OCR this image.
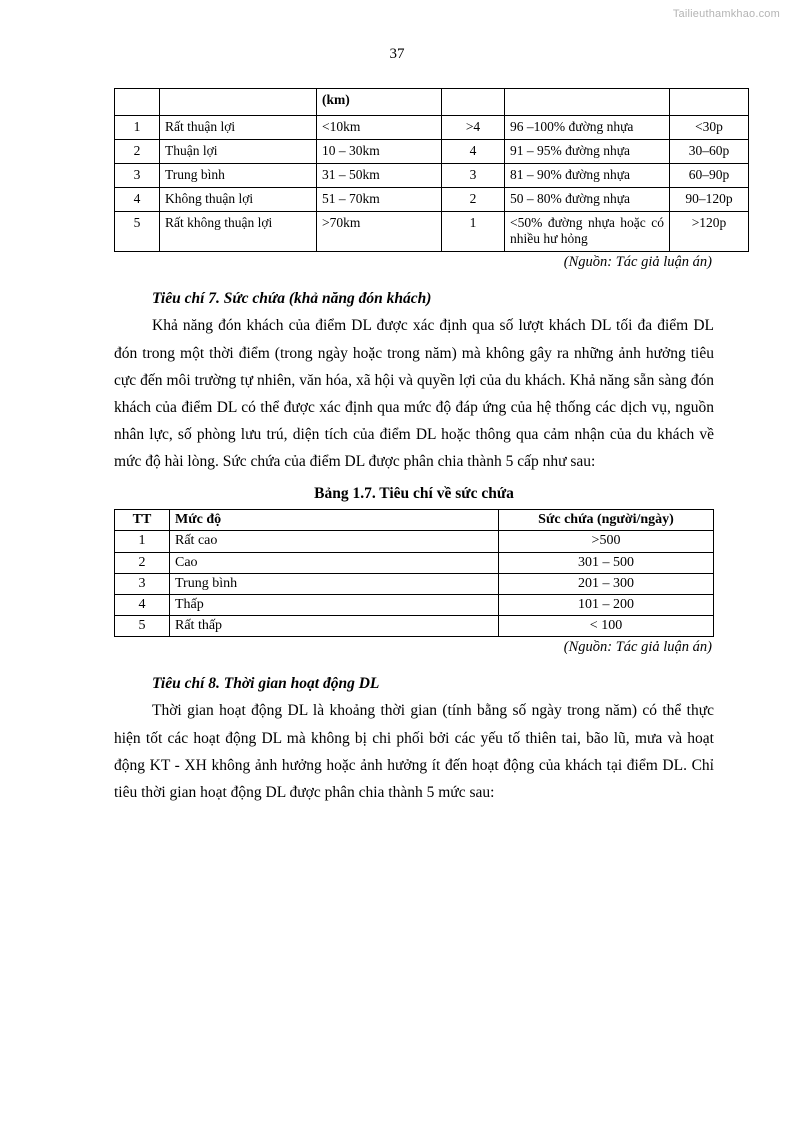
Tailieuthamkhao.com
37
		(km)			
1	Rất thuận lợi	<10km	>4	96 –100% đường nhựa	<30p
2	Thuận lợi	10 – 30km	4	91 – 95% đường nhựa	30–60p
3	Trung bình	31 – 50km	3	81 – 90% đường nhựa	60–90p
4	Không thuận lợi	51 – 70km	2	50 – 80% đường nhựa	90–120p
5	Rất không thuận lợi	>70km	1	<50% đường nhựa hoặc có nhiều hư hỏng	>120p
(Nguồn: Tác giả luận án)

Tiêu chí 7. Sức chứa (khả năng đón khách)

Khả năng đón khách của điểm DL được xác định qua số lượt khách DL tối đa điểm DL đón trong một thời điểm (trong ngày hoặc trong năm) mà không gây ra những ảnh hưởng tiêu cực đến môi trường tự nhiên, văn hóa, xã hội và quyền lợi của du khách. Khả năng sẵn sàng đón khách của điểm DL có thể được xác định qua mức độ đáp ứng của hệ thống các dịch vụ, nguồn nhân lực, số phòng lưu trú, diện tích của điểm DL hoặc thông qua cảm nhận của du khách về mức độ hài lòng. Sức chứa của điểm DL được phân chia thành 5 cấp như sau:

Bảng 1.7. Tiêu chí về sức chứa
TT	Mức độ	Sức chứa (người/ngày)
1	Rất cao	>500
2	Cao	301 – 500
3	Trung bình	201 – 300
4	Thấp	101 – 200
5	Rất thấp	< 100
(Nguồn: Tác giả luận án)

Tiêu chí 8. Thời gian hoạt động DL

Thời gian hoạt động DL là khoảng thời gian (tính bằng số ngày trong năm) có thể thực hiện tốt các hoạt động DL mà không bị chi phối bởi các yếu tố thiên tai, bão lũ, mưa và hoạt động KT - XH không ảnh hưởng hoặc ảnh hưởng ít đến hoạt động của khách tại điểm DL. Chỉ tiêu thời gian hoạt động DL được phân chia thành 5 mức sau:
